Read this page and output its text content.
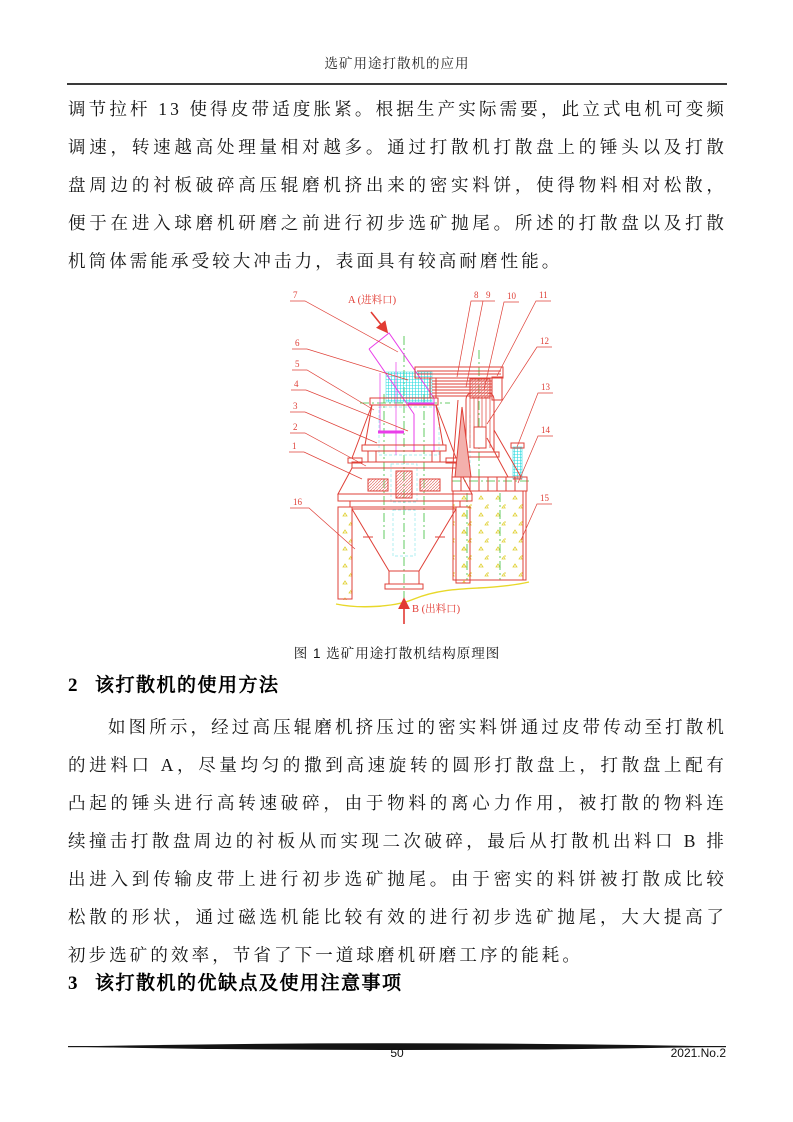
选矿用途打散机的应用

调节拉杆 13 使得皮带适度胀紧。根据生产实际需要，此立式电机可变频调速，转速越高处理量相对越多。通过打散机打散盘上的锤头以及打散盘周边的衬板破碎高压辊磨机挤出来的密实料饼，使得物料相对松散，便于在进入球磨机研磨之前进行初步选矿抛尾。所述的打散盘以及打散机筒体需能承受较大冲击力，表面具有较高耐磨性能。

7
6
5
4
3
2
1
16
8 9 10	11
12
13
14
15
A (进料口)
B (出料口)
图 1 选矿用途打散机结构原理图
2 该打散机的使用方法

如图所示，经过高压辊磨机挤压过的密实料饼通过皮带传动至打散机的进料口 A，尽量均匀的撒到高速旋转的圆形打散盘上，打散盘上配有凸起的锤头进行高转速破碎，由于物料的离心力作用，被打散的物料连续撞击打散盘周边的衬板从而实现二次破碎，最后从打散机出料口 B 排出进入到传输皮带上进行初步选矿抛尾。由于密实的料饼被打散成比较松散的形状，通过磁选机能比较有效的进行初步选矿抛尾，大大提高了初步选矿的效率，节省了下一道球磨机研磨工序的能耗。

3 该打散机的优缺点及使用注意事项
50	2021.No.2
